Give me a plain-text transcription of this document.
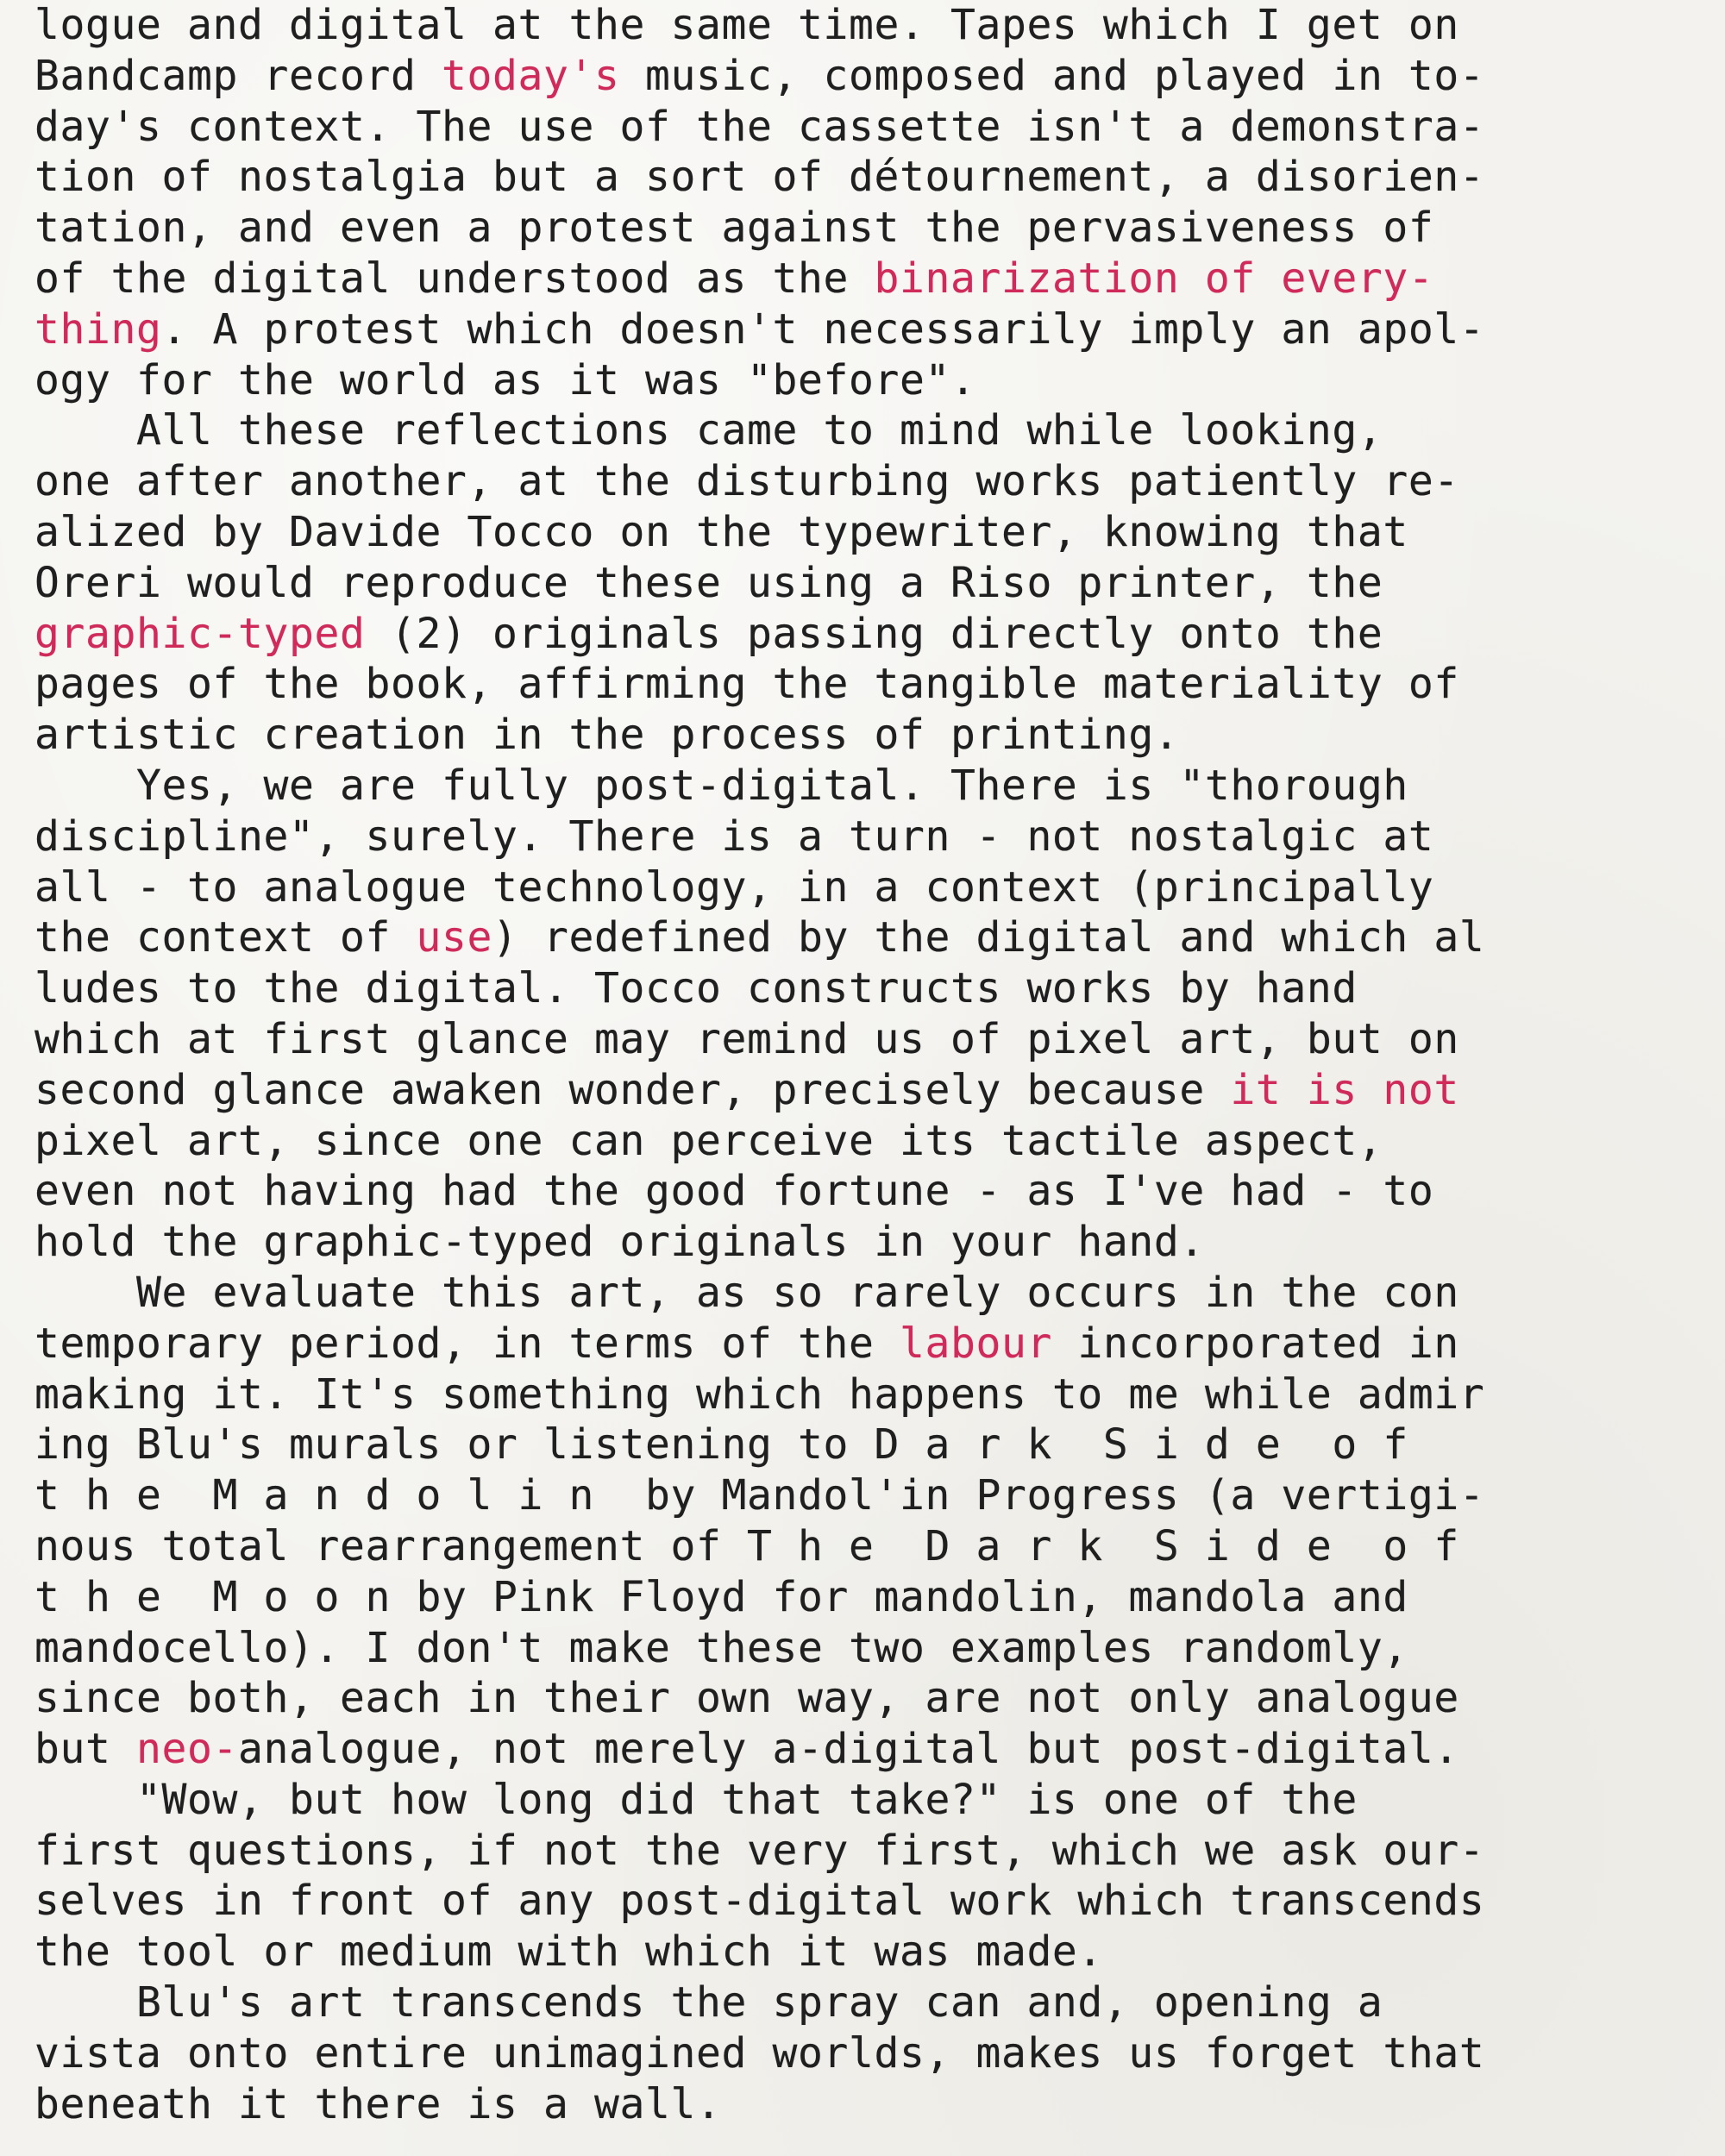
logue and digital at the same time. Tapes which I get on
Bandcamp record today's music, composed and played in to-
day's context. The use of the cassette isn't a demonstra-
tion of nostalgia but a sort of détournement, a disorien-
tation, and even a protest against the pervasiveness of
of the digital understood as the binarization of every-
thing. A protest which doesn't necessarily imply an apol-
ogy for the world as it was "before".
All these reflections came to mind while looking,
one after another, at the disturbing works patiently re-
alized by Davide Tocco on the typewriter, knowing that
Oreri would reproduce these using a Riso printer, the
graphic-typed (2) originals passing directly onto the
pages of the book, affirming the tangible materiality of
artistic creation in the process of printing.
Yes, we are fully post-digital. There is "thorough
discipline", surely. There is a turn - not nostalgic at
all - to analogue technology, in a context (principally
the context of use) redefined by the digital and which al
ludes to the digital. Tocco constructs works by hand
which at first glance may remind us of pixel art, but on
second glance awaken wonder, precisely because it is not
pixel art, since one can perceive its tactile aspect,
even not having had the good fortune - as I've had - to
hold the graphic-typed originals in your hand.
We evaluate this art, as so rarely occurs in the con
temporary period, in terms of the labour incorporated in
making it. It's something which happens to me while admir
ing Blu's murals or listening to D a r k  S i d e  o f
t h e  M a n d o l i n  by Mandol'in Progress (a vertigi-
nous total rearrangement of T h e  D a r k  S i d e  o f
t h e  M o o n by Pink Floyd for mandolin, mandola and
mandocello). I don't make these two examples randomly,
since both, each in their own way, are not only analogue
but neo-analogue, not merely a-digital but post-digital.
"Wow, but how long did that take?" is one of the
first questions, if not the very first, which we ask our-
selves in front of any post-digital work which transcends
the tool or medium with which it was made.
Blu's art transcends the spray can and, opening a
vista onto entire unimagined worlds, makes us forget that
beneath it there is a wall.
